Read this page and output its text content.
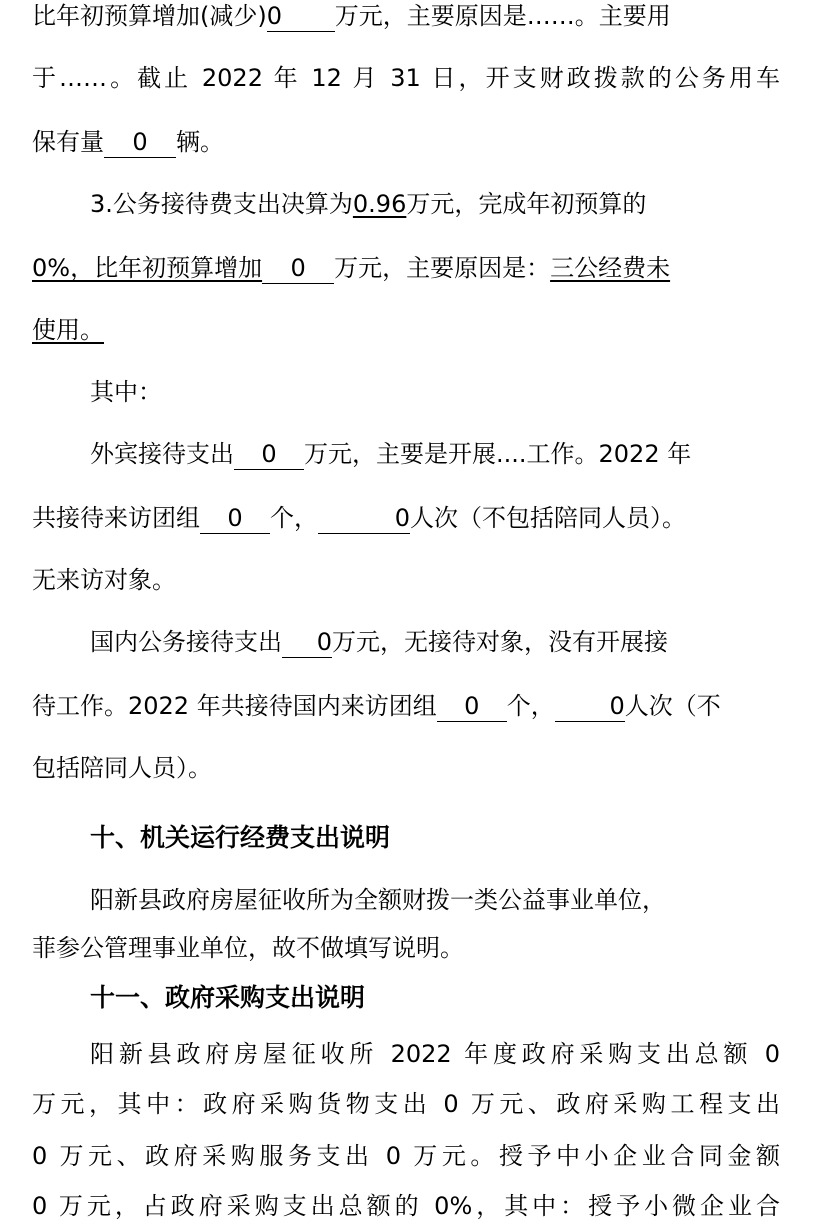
比年初预算增加(减少)0 万元，主要原因是……。主要用
于……。截止 2022 年 12 月 31 日，开支财政拨款的公务用车
保有量 0 辆。
3.公务接待费支出决算为0.96万元，完成年初预算的
0%，比年初预算增加 0 万元，主要原因是：三公经费未
使用。
其中：
外宾接待支出 0 万元，主要是开展....工作。2022 年
共接待来访团组 0 个，	0人次（不包括陪同人员）。
无来访对象。
国内公务接待支出 0万元，无接待对象，没有开展接
待工作。2022 年共接待国内来访团组 0 个， 0人次（不
包括陪同人员）。
十、机关运行经费支出说明
阳新县政府房屋征收所为全额财拨一类公益事业单位，
菲参公管理事业单位，故不做填写说明。
十一、政府采购支出说明
阳新县政府房屋征收所 2022 年度政府采购支出总额 0
万元，其中：政府采购货物支出 0 万元、政府采购工程支出
0 万元、政府采购服务支出 0 万元。授予中小企业合同金额
0 万元，占政府采购支出总额的 0%，其中：授予小微企业合
